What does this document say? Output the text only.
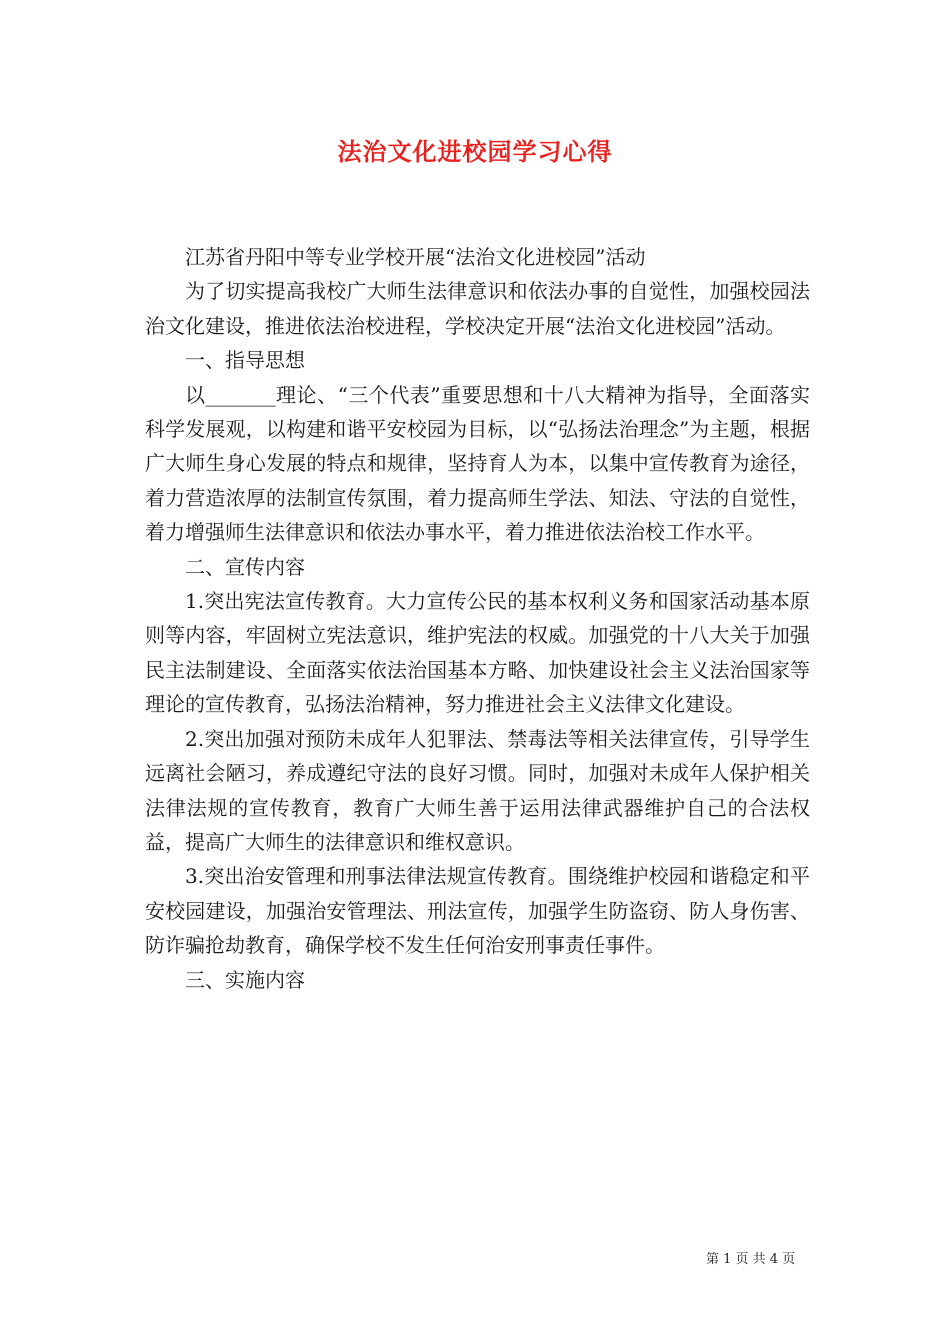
法治文化进校园学习心得

江苏省丹阳中等专业学校开展“法治文化进校园”活动

为了切实提高我校广大师生法律意识和依法办事的自觉性，加强校园法治文化建设，推进依法治校进程，学校决定开展“法治文化进校园”活动。

一、指导思想

以_______理论、“三个代表”重要思想和十八大精神为指导，全面落实科学发展观，以构建和谐平安校园为目标，以“弘扬法治理念”为主题，根据广大师生身心发展的特点和规律，坚持育人为本，以集中宣传教育为途径，着力营造浓厚的法制宣传氛围，着力提高师生学法、知法、守法的自觉性，着力增强师生法律意识和依法办事水平，着力推进依法治校工作水平。

二、宣传内容

1.突出宪法宣传教育。大力宣传公民的基本权利义务和国家活动基本原则等内容，牢固树立宪法意识，维护宪法的权威。加强党的十八大关于加强民主法制建设、全面落实依法治国基本方略、加快建设社会主义法治国家等理论的宣传教育，弘扬法治精神，努力推进社会主义法律文化建设。

2.突出加强对预防未成年人犯罪法、禁毒法等相关法律宣传，引导学生远离社会陋习，养成遵纪守法的良好习惯。同时，加强对未成年人保护相关法律法规的宣传教育，教育广大师生善于运用法律武器维护自己的合法权益，提高广大师生的法律意识和维权意识。

3.突出治安管理和刑事法律法规宣传教育。围绕维护校园和谐稳定和平安校园建设，加强治安管理法、刑法宣传，加强学生防盗窃、防人身伤害、防诈骗抢劫教育，确保学校不发生任何治安刑事责任事件。

三、实施内容

第 1 页 共 4 页
